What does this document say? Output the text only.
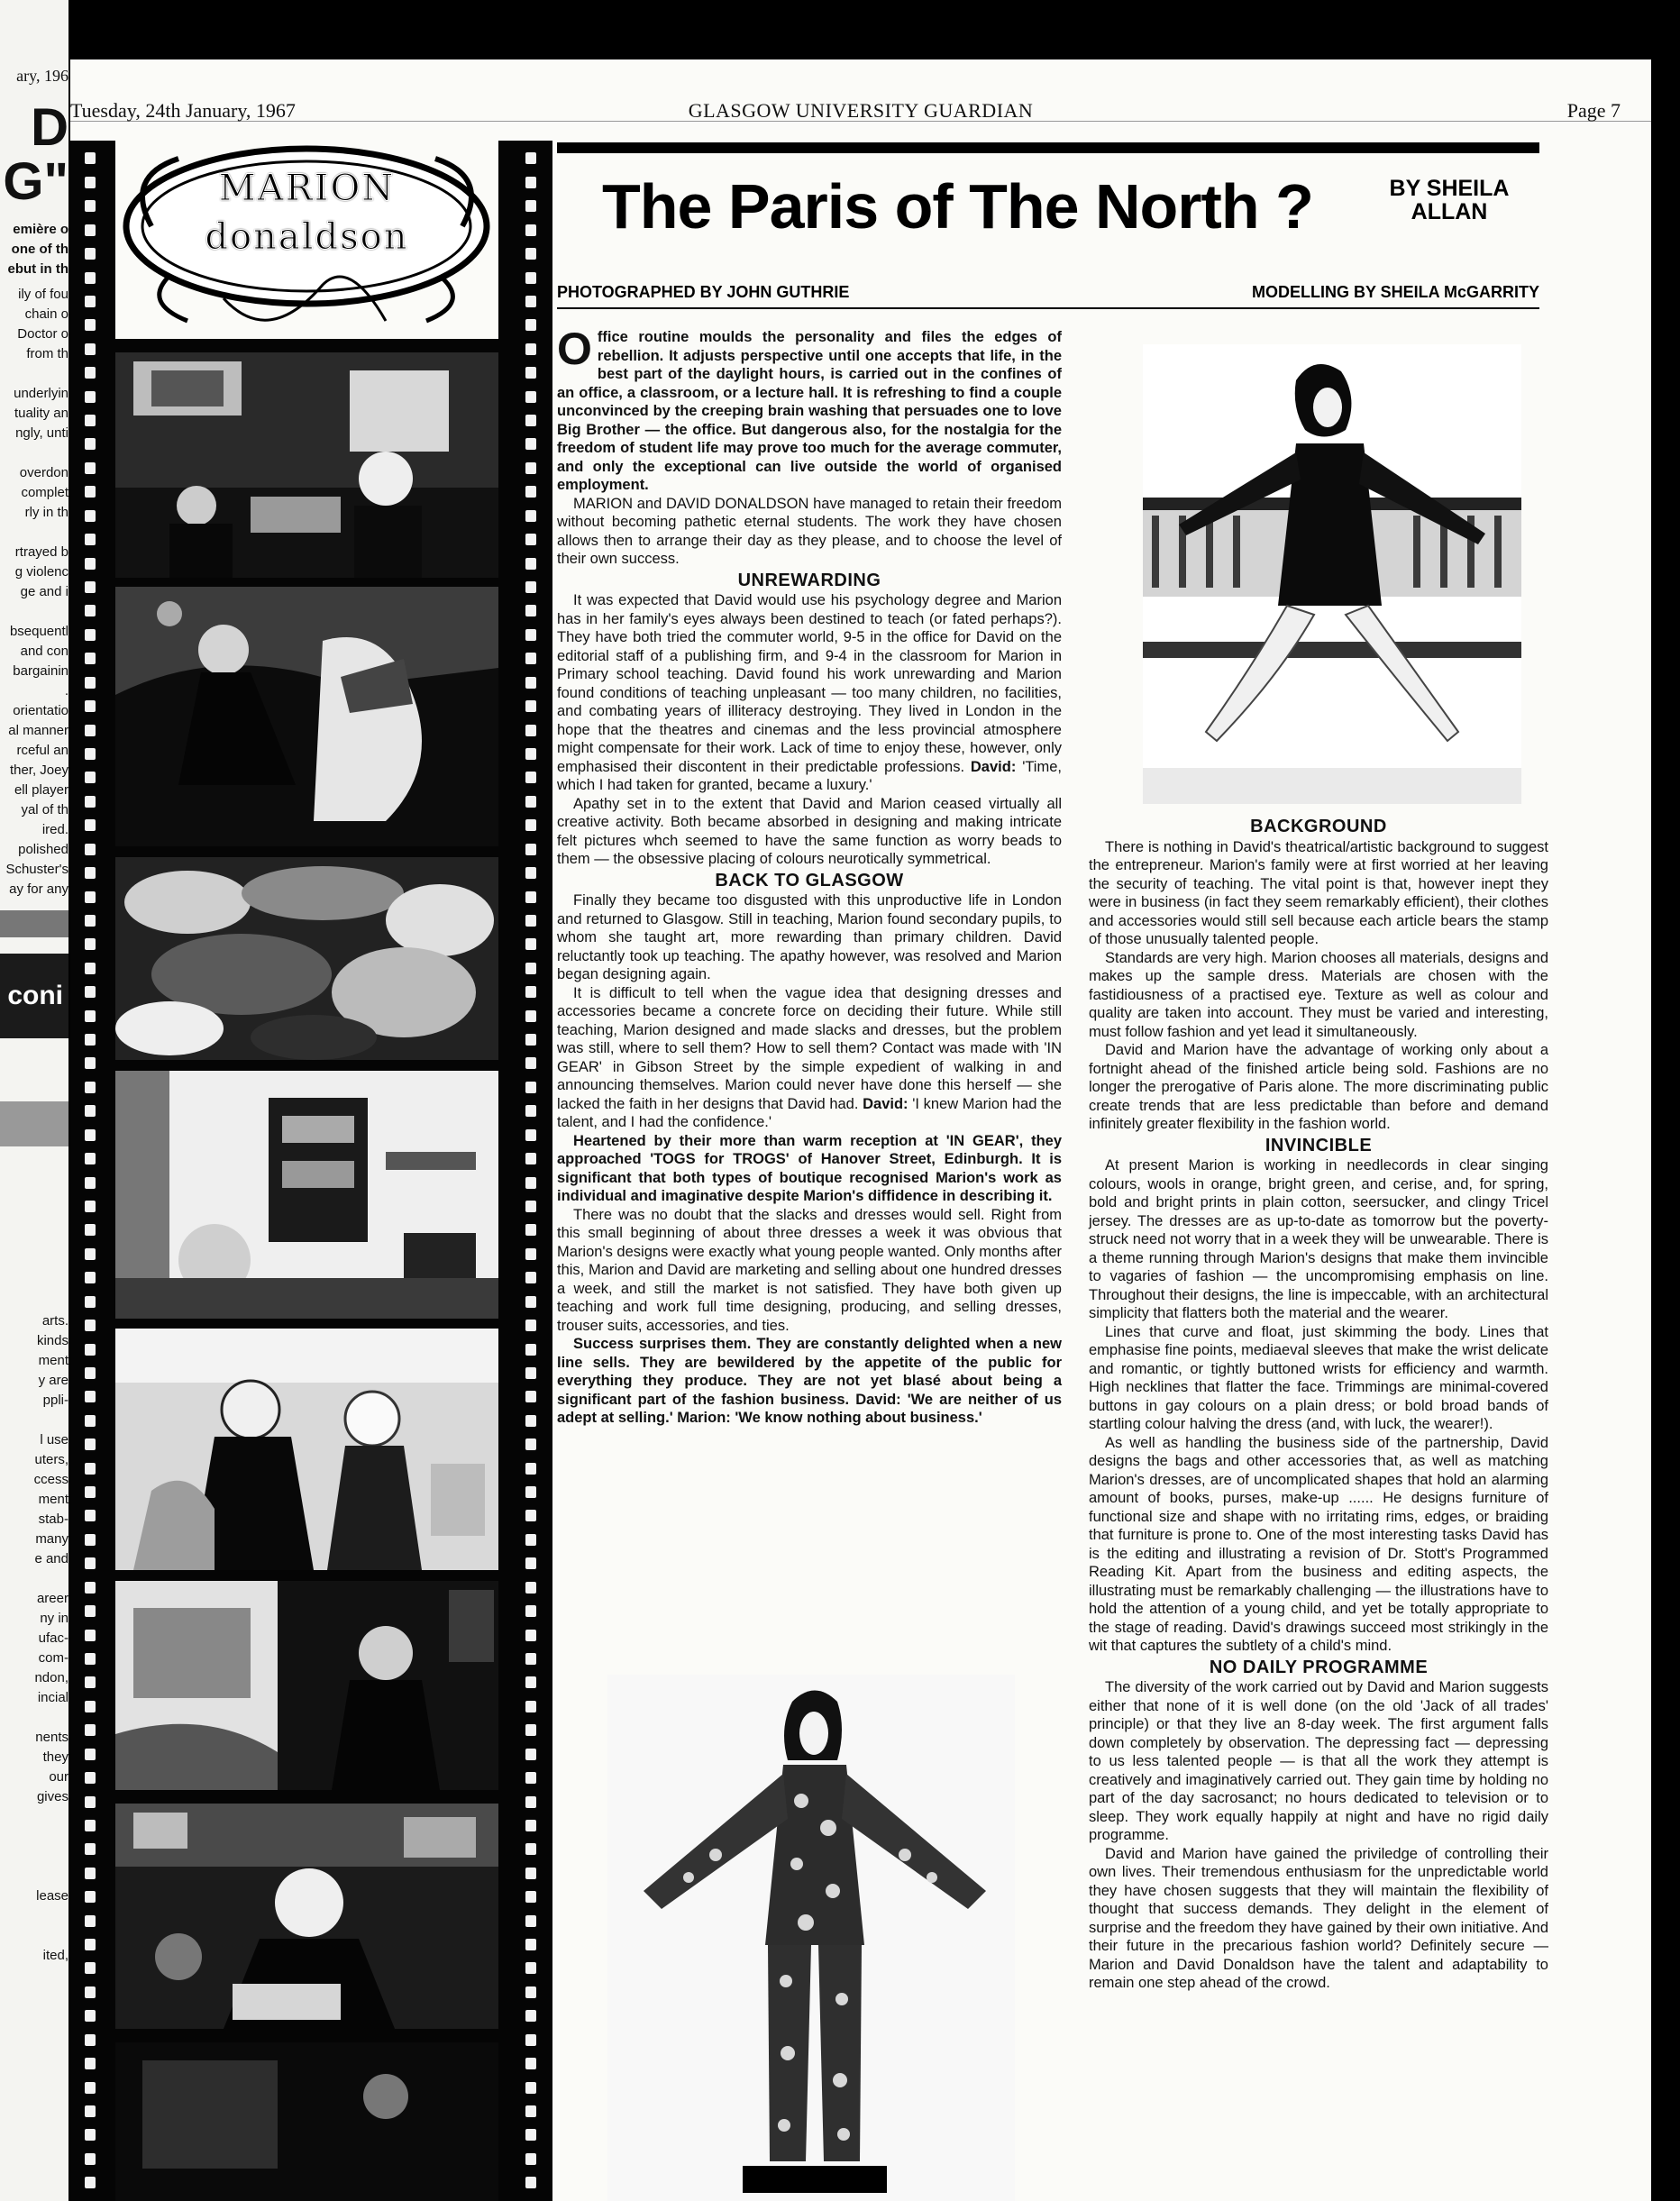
ary, 196
D
G"

emière o

one of th

ebut in th

ily of fou

chain o

Doctor o

from th

underlyin

tuality an

ngly, unti

overdon

complet

rly in th

rtrayed b

g violenc

ge and i

bsequentl

and con

bargainin

.

orientatio

al manner

rceful an

ther, Joey

ell player

yal of th

ired.

polished

Schuster's

ay for any

coni

arts.

kinds

ment

y are

ppli-

l use

uters,

ccess

ment

stab-

many

e and

areer

ny in

ufac-

com-

ndon,

incial

nents

they

our

gives

lease

ited,

Tuesday, 24th January, 1967	GLASGOW UNIVERSITY GUARDIAN	Page 7
MARION
donaldson	The Paris of The North ?	BY SHEILA
ALLAN
PHOTOGRAPHED BY JOHN GUTHRIE	MODELLING BY SHEILA McGARRITY

Office routine moulds the personality and files the edges of rebellion. It adjusts perspective until one accepts that life, in the best part of the daylight hours, is carried out in the confines of an office, a classroom, or a lecture hall. It is refreshing to find a couple unconvinced by the creeping brain washing that persuades one to love Big Brother — the office. But dangerous also, for the nostalgia for the freedom of student life may prove too much for the average commuter, and only the exceptional can live outside the world of organised employment.

MARION and DAVID DONALDSON have managed to retain their freedom without becoming pathetic eternal students. The work they have chosen allows then to arrange their day as they please, and to choose the level of their own success.

UNREWARDING

It was expected that David would use his psychology degree and Marion has in her family's eyes always been destined to teach (or fated perhaps?). They have both tried the commuter world, 9-5 in the office for David on the editorial staff of a publishing firm, and 9-4 in the classroom for Marion in Primary school teaching. David found his work unrewarding and Marion found conditions of teaching unpleasant — too many children, no facilities, and combating years of illiteracy destroying. They lived in London in the hope that the theatres and cinemas and the less provincial atmosphere might compensate for their work. Lack of time to enjoy these, however, only emphasised their discontent in their predictable professions. David: 'Time, which I had taken for granted, became a luxury.'

Apathy set in to the extent that David and Marion ceased virtually all creative activity. Both became absorbed in designing and making intricate felt pictures whch seemed to have the same function as worry beads to them — the obsessive placing of colours neurotically symmetrical.

BACK TO GLASGOW

Finally they became too disgusted with this unproductive life in London and returned to Glasgow. Still in teaching, Marion found secondary pupils, to whom she taught art, more rewarding than primary children. David reluctantly took up teaching. The apathy however, was resolved and Marion began designing again.

It is difficult to tell when the vague idea that designing dresses and accessories became a concrete force on deciding their future. While still teaching, Marion designed and made slacks and dresses, but the problem was still, where to sell them? How to sell them? Contact was made with 'IN GEAR' in Gibson Street by the simple expedient of walking in and announcing themselves. Marion could never have done this herself — she lacked the faith in her designs that David had. David: 'I knew Marion had the talent, and I had the confidence.'

Heartened by their more than warm reception at 'IN GEAR', they approached 'TOGS for TROGS' of Hanover Street, Edinburgh. It is significant that both types of boutique recognised Marion's work as individual and imaginative despite Marion's diffidence in describing it.

There was no doubt that the slacks and dresses would sell. Right from this small beginning of about three dresses a week it was obvious that Marion's designs were exactly what young people wanted. Only months after this, Marion and David are marketing and selling about one hundred dresses a week, and still the market is not satisfied. They have both given up teaching and work full time designing, producing, and selling dresses, trouser suits, accessories, and ties.

Success surprises them. They are constantly delighted when a new line sells. They are bewildered by the appetite of the public for everything they produce. They are not yet blasé about being a significant part of the fashion business. David: 'We are neither of us adept at selling.' Marion: 'We know nothing about business.'

BACKGROUND

There is nothing in David's theatrical/artistic background to suggest the entrepreneur. Marion's family were at first worried at her leaving the security of teaching. The vital point is that, however inept they were in business (in fact they seem remarkably efficient), their clothes and accessories would still sell because each article bears the stamp of those unusually talented people.

Standards are very high. Marion chooses all materials, designs and makes up the sample dress. Materials are chosen with the fastidiousness of a practised eye. Texture as well as colour and quality are taken into account. They must be varied and interesting, must follow fashion and yet lead it simultaneously.

David and Marion have the advantage of working only about a fortnight ahead of the finished article being sold. Fashions are no longer the prerogative of Paris alone. The more discriminating public create trends that are less predictable than before and demand infinitely greater flexibility in the fashion world.

INVINCIBLE

At present Marion is working in needlecords in clear singing colours, wools in orange, bright green, and cerise, and, for spring, bold and bright prints in plain cotton, seersucker, and clingy Tricel jersey. The dresses are as up-to-date as tomorrow but the poverty-struck need not worry that in a week they will be unwearable. There is a theme running through Marion's designs that make them invincible to vagaries of fashion — the uncompromising emphasis on line. Throughout their designs, the line is impeccable, with an architectural simplicity that flatters both the material and the wearer.

Lines that curve and float, just skimming the body. Lines that emphasise fine points, mediaeval sleeves that make the wrist delicate and romantic, or tightly buttoned wrists for efficiency and warmth. High necklines that flatter the face. Trimmings are minimal-covered buttons in gay colours on a plain dress; or bold broad bands of startling colour halving the dress (and, with luck, the wearer!).

As well as handling the business side of the partnership, David designs the bags and other accessories that, as well as matching Marion's dresses, are of uncomplicated shapes that hold an alarming amount of books, purses, make-up ...... He designs furniture of functional size and shape with no irritating rims, edges, or braiding that furniture is prone to. One of the most interesting tasks David has is the editing and illustrating a revision of Dr. Stott's Programmed Reading Kit. Apart from the business and editing aspects, the illustrating must be remarkably challenging — the illustrations have to hold the attention of a young child, and yet be totally appropriate to the stage of reading. David's drawings succeed most strikingly in the wit that captures the subtlety of a child's mind.

NO DAILY PROGRAMME

The diversity of the work carried out by David and Marion suggests either that none of it is well done (on the old 'Jack of all trades' principle) or that they live an 8-day week. The first argument falls down completely by observation. The depressing fact — depressing to us less talented people — is that all the work they attempt is creatively and imaginatively carried out. They gain time by holding no part of the day sacrosanct; no hours dedicated to television or to sleep. They work equally happily at night and have no rigid daily programme.

David and Marion have gained the priviledge of controlling their own lives. Their tremendous enthusiasm for the unpredictable world they have chosen suggests that they will maintain the flexibility of thought that success demands. They delight in the element of surprise and the freedom they have gained by their own initiative. And their future in the precarious fashion world? Definitely secure — Marion and David Donaldson have the talent and adaptability to remain one step ahead of the crowd.
